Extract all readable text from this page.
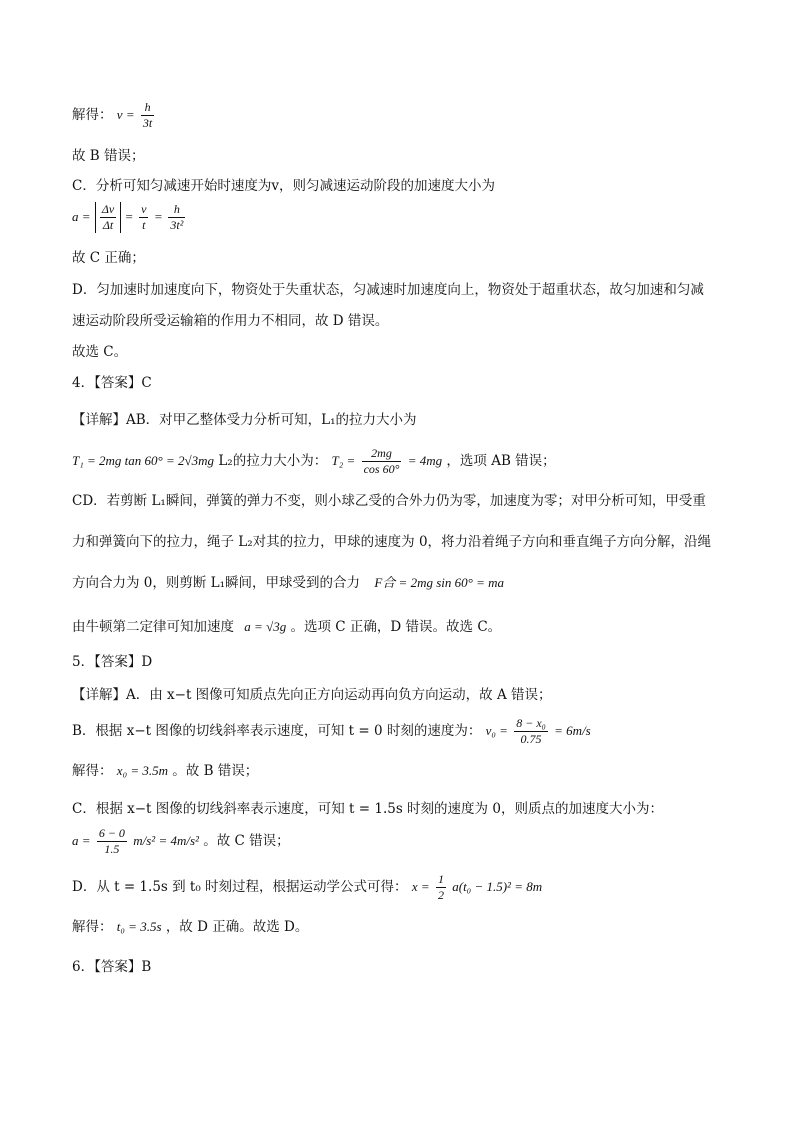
解得： $v = \frac{h}{3t}$
故 B 错误；
C．分析可知匀减速开始时速度为v，则匀减速运动阶段的加速度大小为
$a = \frac{\Delta v}{\Delta t} = \frac{v}{t} = \frac{h}{\text{3t²}}$
故 C 正确；
D．匀加速时加速度向下，物资处于失重状态，匀减速时加速度向上，物资处于超重状态，故匀加速和匀减
速运动阶段所受运输箱的作用力不相同，故 D 错误。
故选 C。
4．【答案】C
【详解】AB．对甲乙整体受力分析可知，L₁的拉力大小为
T₁ = 2mg tan 60° = 2√3mg L₂的拉力大小为： $T_2 = \frac{2mg}{\cos 60^\circ} = 4mg$ ，选项 AB 错误；
CD．若剪断 L₁瞬间，弹簧的弹力不变，则小球乙受的合外力仍为零，加速度为零；对甲分析可知，甲受重
力和弹簧向下的拉力，绳子 L₂对其的拉力，甲球的速度为 0，将力沿着绳子方向和垂直绳子方向分解，沿绳
方向合力为 0，则剪断 L₁瞬间，甲球受到的合力 F合 = 2mg sin 60° = ma
由牛顿第二定律可知加速度 a = √3g 。选项 C 正确，D 错误。故选 C。
5．【答案】D
【详解】A．由 x−t 图像可知质点先向正方向运动再向负方向运动，故 A 错误；
B．根据 x−t 图像的切线斜率表示速度，可知 t = 0 时刻的速度为： $v_0 = \frac{\text{8 − x₀}}{0.75} = 6m/s$
解得： x₀ = 3.5m 。故 B 错误；
C．根据 x−t 图像的切线斜率表示速度，可知 t = 1.5s 时刻的速度为 0，则质点的加速度大小为：
$a = \frac{6 - 0}{1.5} m/s^2 = 4m/s^2$ 。故 C 错误；
D．从 t = 1.5s 到 t₀ 时刻过程，根据运动学公式可得： $x = \frac{1}{2} a(t_0 - 1.5)^2 = 8m$
解得： t₀ = 3.5s ，故 D 正确。故选 D。
6．【答案】B
